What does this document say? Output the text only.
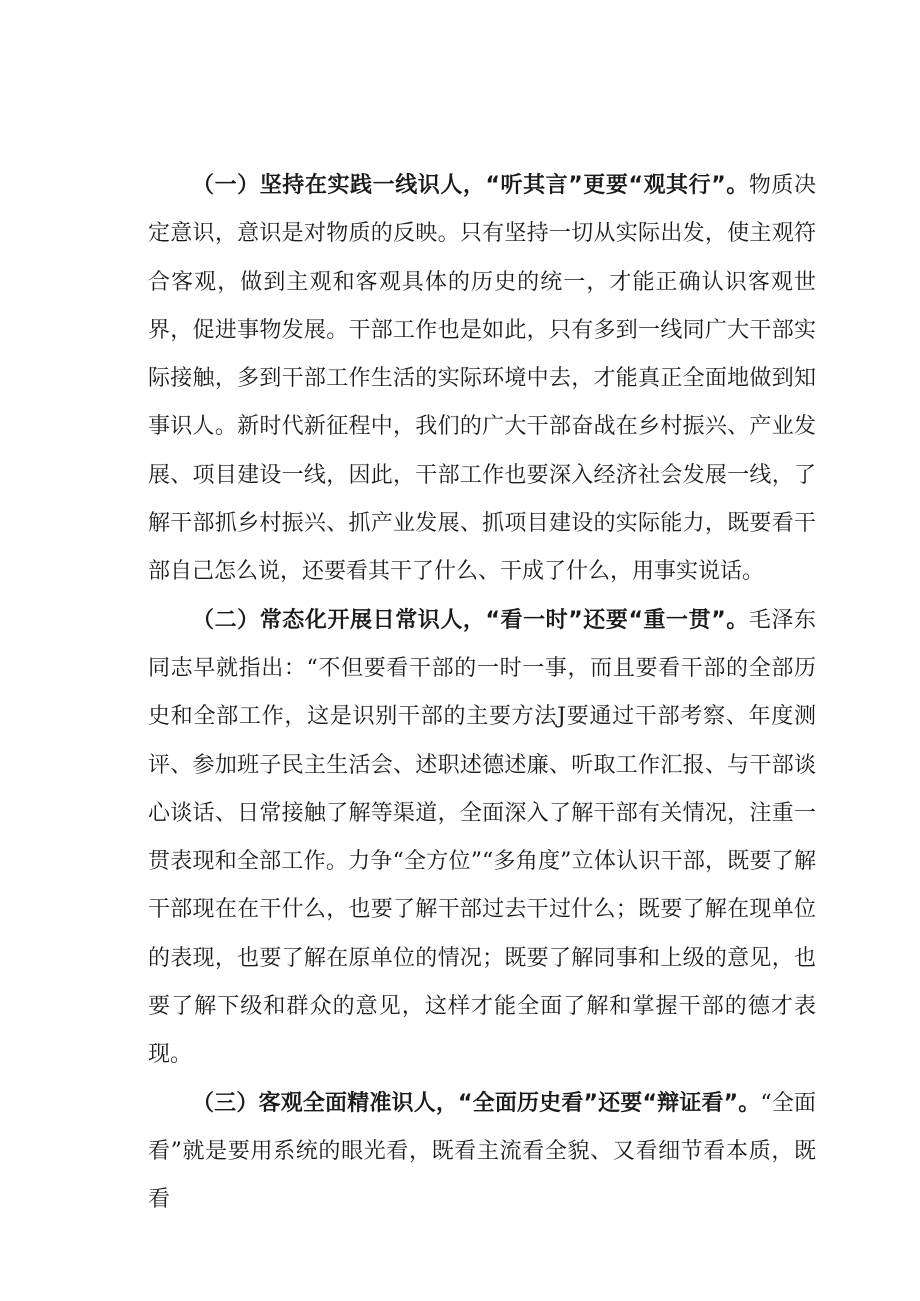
（一）坚持在实践一线识人，“听其言”更要“观其行”。物质决定意识，意识是对物质的反映。只有坚持一切从实际出发，使主观符合客观，做到主观和客观具体的历史的统一，才能正确认识客观世界，促进事物发展。干部工作也是如此，只有多到一线同广大干部实际接触，多到干部工作生活的实际环境中去，才能真正全面地做到知事识人。新时代新征程中，我们的广大干部奋战在乡村振兴、产业发展、项目建设一线，因此，干部工作也要深入经济社会发展一线，了解干部抓乡村振兴、抓产业发展、抓项目建设的实际能力，既要看干部自己怎么说，还要看其干了什么、干成了什么，用事实说话。

（二）常态化开展日常识人，“看一时”还要“重一贯”。毛泽东同志早就指出：“不但要看干部的一时一事，而且要看干部的全部历史和全部工作，这是识别干部的主要方法J要通过干部考察、年度测评、参加班子民主生活会、述职述德述廉、听取工作汇报、与干部谈心谈话、日常接触了解等渠道，全面深入了解干部有关情况，注重一贯表现和全部工作。力争“全方位”“多角度”立体认识干部，既要了解干部现在在干什么，也要了解干部过去干过什么；既要了解在现单位的表现，也要了解在原单位的情况；既要了解同事和上级的意见，也要了解下级和群众的意见，这样才能全面了解和掌握干部的德才表现。

（三）客观全面精准识人，“全面历史看”还要“辩证看”。“全面看”就是要用系统的眼光看，既看主流看全貌、又看细节看本质，既看
